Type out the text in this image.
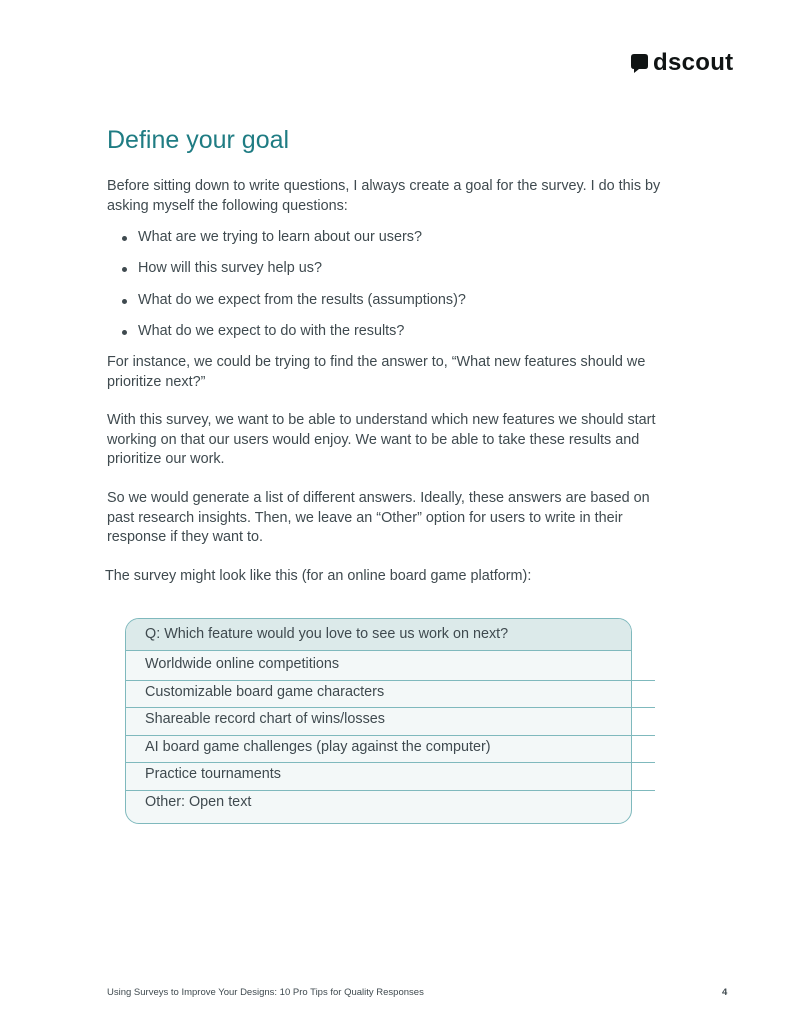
dscout
Define your goal

Before sitting down to write questions, I always create a goal for the survey. I do this by asking myself the following questions:

What are we trying to learn about our users?
How will this survey help us?
What do we expect from the results (assumptions)?
What do we expect to do with the results?

For instance, we could be trying to find the answer to, “What new features should we prioritize next?”

With this survey, we want to be able to understand which new features we should start working on that our users would enjoy. We want to be able to take these results and prioritize our work.

So we would generate a list of different answers. Ideally, these answers are based on past research insights. Then, we leave an “Other” option for users to write in their response if they want to.

The survey might look like this (for an online board game platform):

Q: Which feature would you love to see us work on next?
Worldwide online competitions
Customizable board game characters
Shareable record chart of wins/losses
AI board game challenges (play against the computer)
Practice tournaments
Other: Open text
Using Surveys to Improve Your Designs: 10 Pro Tips for Quality Responses	4
